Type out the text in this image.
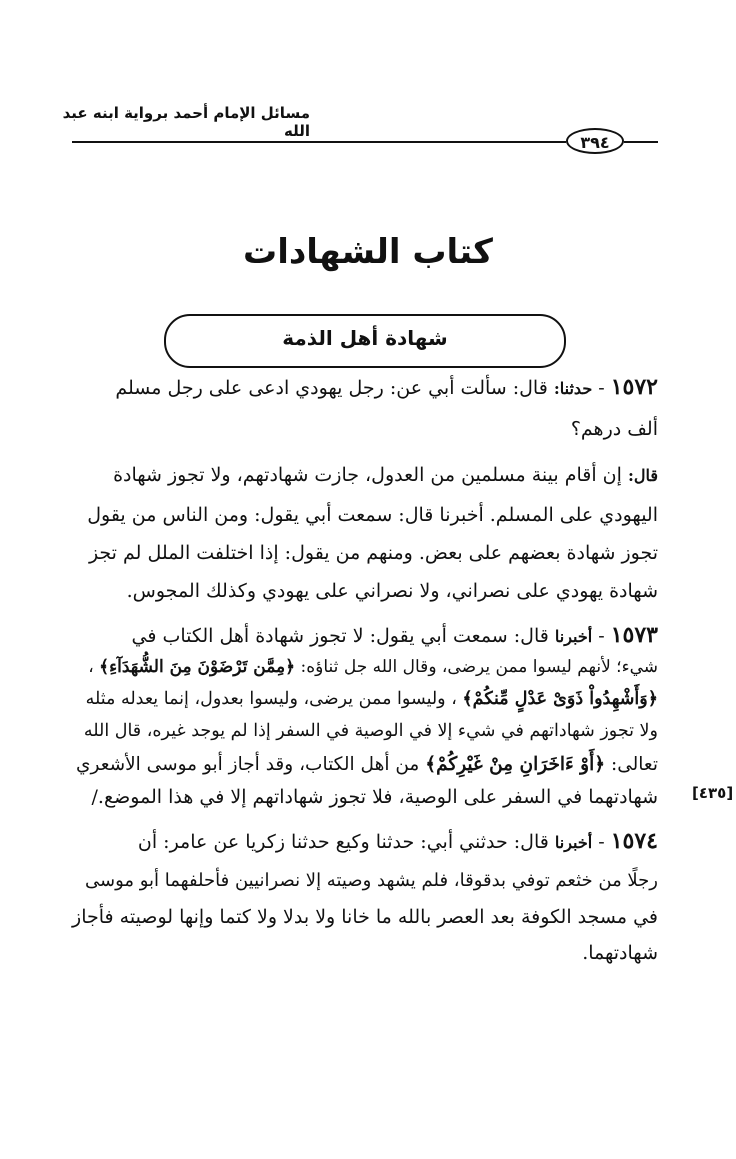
مسائل الإمام أحمد برواية ابنه عبد الله
٣٩٤
كتاب الشهادات
شهادة أهل الذمة
١٥٧٢ - حدثنا: قال: سألت أبي عن: رجل يهودي ادعى على رجل مسلم
ألف درهم؟
قال: إن أقام بينة مسلمين من العدول، جازت شهادتهم، ولا تجوز شهادة
اليهودي على المسلم. أخبرنا قال: سمعت أبي يقول: ومن الناس من يقول
تجوز شهادة بعضهم على بعض. ومنهم من يقول: إذا اختلفت الملل لم تجز
شهادة يهودي على نصراني، ولا نصراني على يهودي وكذلك المجوس.
١٥٧٣ - أخبرنا قال: سمعت أبي يقول: لا تجوز شهادة أهل الكتاب في
شيء؛ لأنهم ليسوا ممن يرضى، وقال الله جل ثناؤه: ﴿مِمَّن تَرْضَوْنَ مِنَ الشُّهَدَآءِ﴾ ،
﴿وَأَشْهِدُواْ ذَوَىْ عَدْلٍ مِّنكُمْ﴾ ، وليسوا ممن يرضى، وليسوا بعدول، إنما يعدله مثله
ولا تجوز شهاداتهم في شيء إلا في الوصية في السفر إذا لم يوجد غيره، قال الله
تعالى: ﴿أَوْ ءَاخَرَانِ مِنْ غَيْرِكُمْ﴾ من أهل الكتاب، وقد أجاز أبو موسى الأشعري
شهادتهما في السفر على الوصية، فلا تجوز شهاداتهم إلا في هذا الموضع./ [٤٣٥]
١٥٧٤ - أخبرنا قال: حدثني أبي: حدثنا وكيع حدثنا زكريا عن عامر: أن
رجلًا من خثعم توفي بدقوقا، فلم يشهد وصيته إلا نصرانيين فأحلفهما أبو موسى
في مسجد الكوفة بعد العصر بالله ما خانا ولا بدلا ولا كتما وإنها لوصيته فأجاز
شهادتهما.
